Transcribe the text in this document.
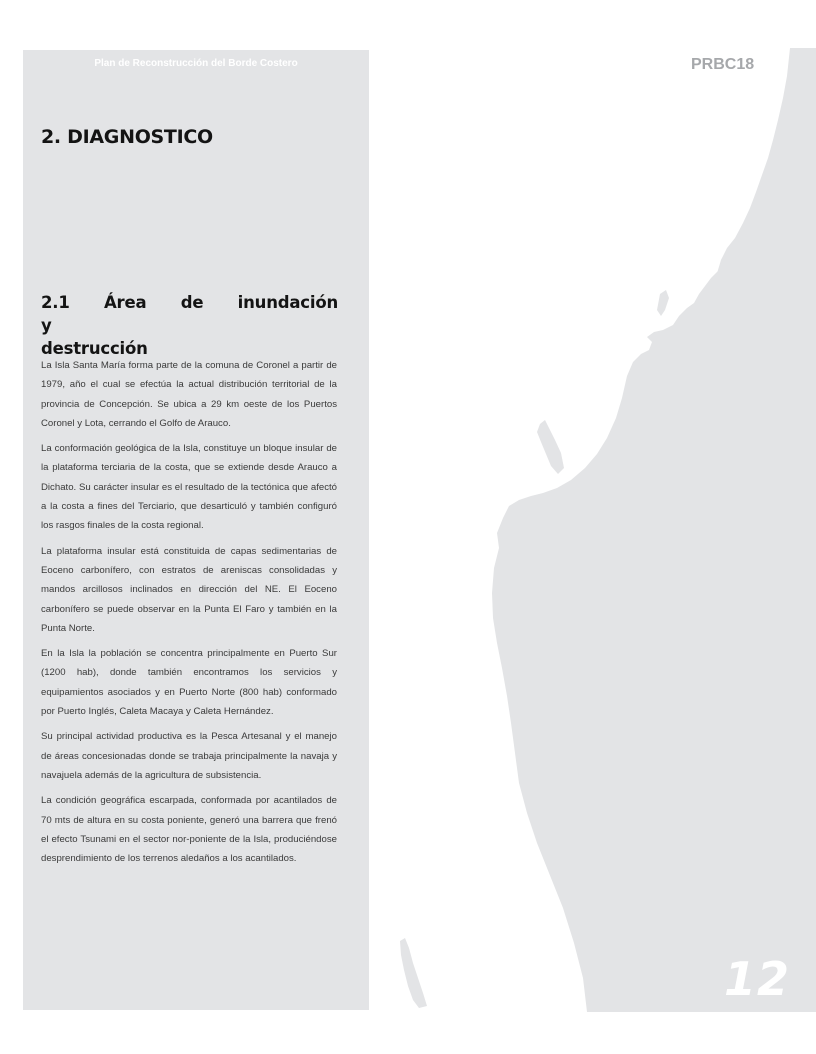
Plan de Reconstrucción del Borde Costero
2. DIAGNOSTICO
2.1 Área de inundación y
destrucción

La Isla Santa María forma parte de la comuna de Coronel a partir de 1979, año el cual se efectúa la actual distribución territorial de la provincia de Concepción. Se ubica a 29 km oeste de los Puertos Coronel y Lota, cerrando el Golfo de Arauco.

La conformación geológica de la Isla, constituye un bloque insular de la plataforma terciaria de la costa, que se extiende desde Arauco a Dichato. Su carácter insular es el resultado de la tectónica que afectó a la costa a fines del Terciario, que desarticuló y también configuró los rasgos finales de la costa regional.

La plataforma insular está constituida de capas sedimentarias de Eoceno carbonífero, con estratos de areniscas consolidadas y mandos arcillosos inclinados en dirección del NE. El Eoceno carbonífero se puede observar en la Punta El Faro y también en la Punta Norte.

En la Isla la población se concentra principalmente en Puerto Sur (1200 hab), donde también encontramos los servicios y equipamientos asociados y en Puerto Norte (800 hab) conformado por Puerto Inglés, Caleta Macaya y Caleta Hernández.

Su principal actividad productiva es la Pesca Artesanal y el manejo de áreas concesionadas donde se trabaja principalmente la navaja y navajuela además de la agricultura de subsistencia.

La condición geográfica escarpada, conformada por acantilados de 70 mts de altura en su costa poniente, generó una barrera que frenó el efecto Tsunami en el sector nor-poniente de la Isla, produciéndose desprendimiento de los terrenos aledaños a los acantilados.

PRBC18
12
